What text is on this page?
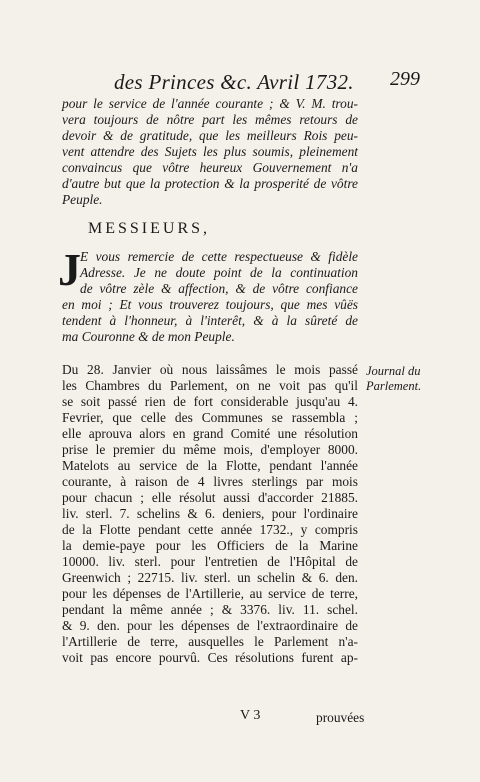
des Princes &c. Avril 1732. 299
pour le service de l'année courante ; & V. M. trou-
vera toujours de nôtre part les mêmes retours de
devoir & de gratitude, que les meilleurs Rois peu-
vent attendre des Sujets les plus soumis, pleinement
convaincus que vôtre heureux Gouvernement n'a
d'autre but que la protection & la prosperité de vôtre
Peuple.
MESSIEURS,
J E vous remercie de cette respectueuse & fidèle
Adresse. Je ne doute point de la continuation
de vôtre zèle & affection, & de vôtre confiance
en moi ; Et vous trouverez toujours, que mes vûës
tendent à l'honneur, à l'interêt, & à la sûreté de
ma Couronne & de mon Peuple.
Du 28. Janvier où nous laissâmes le mois passé
les Chambres du Parlement, on ne voit pas qu'il
se soit passé rien de fort considerable jusqu'au 4.
Fevrier, que celle des Communes se rassembla ;
elle aprouva alors en grand Comité une résolution
prise le premier du même mois, d'employer 8000.
Matelots au service de la Flotte, pendant l'année
courante, à raison de 4 livres sterlings par mois
pour chacun ; elle résolut aussi d'accorder 21885.
liv. sterl. 7. schelins & 6. deniers, pour l'ordinaire
de la Flotte pendant cette année 1732., y compris
la demie-paye pour les Officiers de la Marine
10000. liv. sterl. pour l'entretien de l'Hôpital de
Greenwich ; 22715. liv. sterl. un schelin & 6. den.
pour les dépenses de l'Artillerie, au service de terre,
pendant la même année ; & 3376. liv. 11. schel.
& 9. den. pour les dépenses de l'extraordinaire de
l'Artillerie de terre, ausquelles le Parlement n'a-
voit pas encore pourvû. Ces résolutions furent ap-
Journal du
Parlement.
V 3	prouvées
